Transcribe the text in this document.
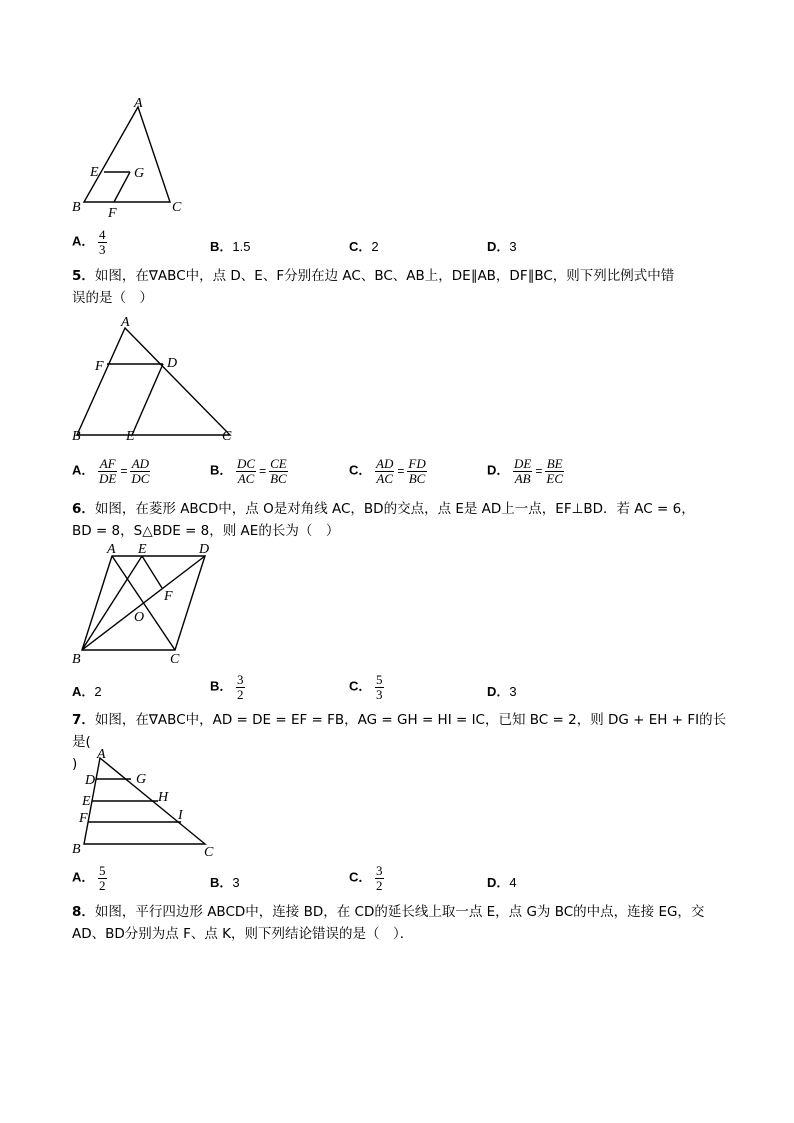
A
E	G
B F	C
A． $\frac{4}{3}$	B．1.5	C．2	D．3
5．如图，在∇ABC中，点 D、E、F分别在边 AC、BC、AB上，DE∥AB，DF∥BC，则下列比例式中错
误的是（　）
A
F	D
B	E	C
A． $\frac{AF}{DE} = \frac{AD}{DC}$	B． $\frac{DC}{AC} = \frac{CE}{BC}$	C． $\frac{AD}{AC} = \frac{FD}{BC}$	D． $\frac{DE}{AB} = \frac{BE}{EC}$
6．如图，在菱形 ABCD中，点 O是对角线 AC，BD的交点，点 E是 AD上一点，EF⊥BD．若 AC = 6，
BD = 8，S△BDE = 8，则 AE的长为（　）
A E	D
F
O
B	C
A．2	B． $\frac{3}{2}$	C． $\frac{5}{3}$	D．3
7．如图，在∇ABC中，AD = DE = EF = FB，AG = GH = HI = IC，已知 BC = 2，则 DG + EH + FI的长是(
)
A
D	G
E	H
F	I
B	C
A． $\frac{5}{2}$	B．3	C． $\frac{3}{2}$	D．4
8．如图，平行四边形 ABCD中，连接 BD，在 CD的延长线上取一点 E，点 G为 BC的中点，连接 EG，交
AD、BD分别为点 F、点 K，则下列结论错误的是（　）．
